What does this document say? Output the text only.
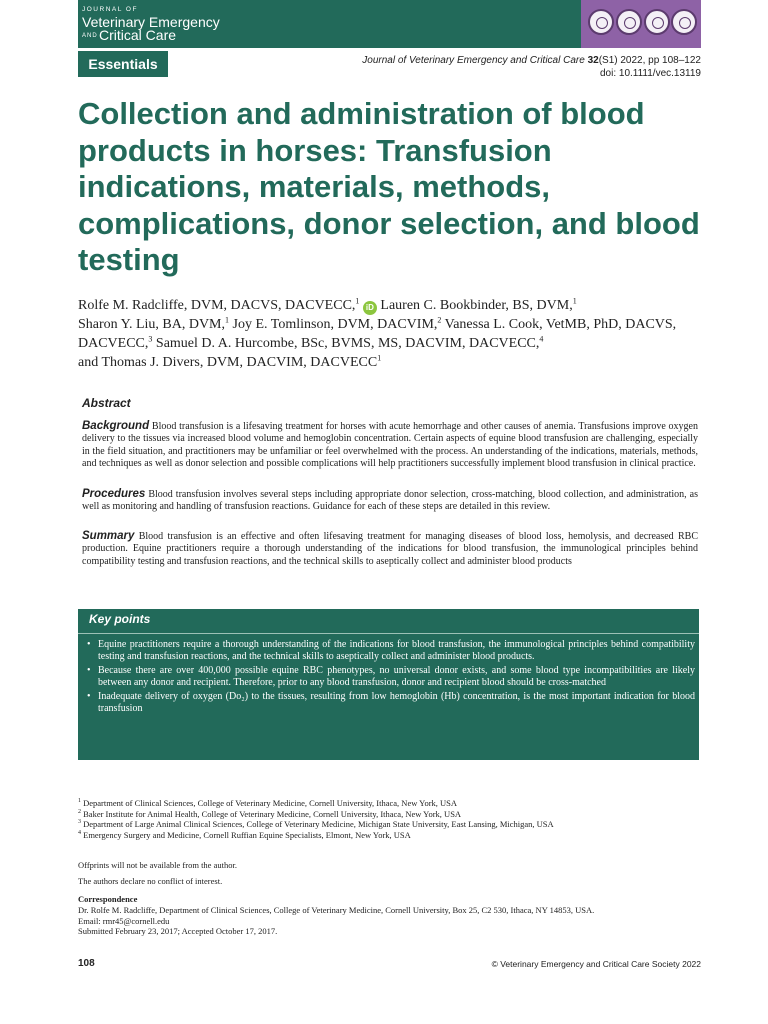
JOURNAL OF
Veterinary Emergency
AND Critical Care
Essentials	Journal of Veterinary Emergency and Critical Care 32(S1) 2022, pp 108–122
doi: 10.1111/vec.13119
Collection and administration of blood products in horses: Transfusion indications, materials, methods, complications, donor selection, and blood testing
Rolfe M. Radcliffe, DVM, DACVS, DACVECC,$^1$ iD Lauren C. Bookbinder, BS, DVM,$^1$
Sharon Y. Liu, BA, DVM,$^1$ Joy E. Tomlinson, DVM, DACVIM,$^2$ Vanessa L. Cook, VetMB, PhD, DACVS, DACVECC,$^3$ Samuel D. A. Hurcombe, BSc, BVMS, MS, DACVIM, DACVECC,$^4$
and Thomas J. Divers, DVM, DACVIM, DACVECC$^1$
Abstract

Background Blood transfusion is a lifesaving treatment for horses with acute hemorrhage and other causes of anemia. Transfusions improve oxygen delivery to the tissues via increased blood volume and hemoglobin concentration. Certain aspects of equine blood transfusion are challenging, especially in the field situation, and practitioners may be unfamiliar or feel overwhelmed with the process. An understanding of the indications, materials, methods, and techniques as well as donor selection and possible complications will help practitioners successfully implement blood transfusion in clinical practice.

Procedures Blood transfusion involves several steps including appropriate donor selection, cross-matching, blood collection, and administration, as well as monitoring and handling of transfusion reactions. Guidance for each of these steps are detailed in this review.

Summary Blood transfusion is an effective and often lifesaving treatment for managing diseases of blood loss, hemolysis, and decreased RBC production. Equine practitioners require a thorough understanding of the indications for blood transfusion, the immunological principles behind compatibility testing and transfusion reactions, and the technical skills to aseptically collect and administer blood products

Key points
• Equine practitioners require a thorough understanding of the indications for blood transfusion, the immunological principles behind compatibility testing and transfusion reactions, and the technical skills to aseptically collect and administer blood products.
• Because there are over 400,000 possible equine RBC phenotypes, no universal donor exists, and some blood type incompatibilities are likely between any donor and recipient. Therefore, prior to any blood transfusion, donor and recipient blood should be cross-matched
• Inadequate delivery of oxygen (Do₂) to the tissues, resulting from low hemoglobin (Hb) concentration, is the most important indication for blood transfusion
$^1$ Department of Clinical Sciences, College of Veterinary Medicine, Cornell University, Ithaca, New York, USA
$^2$ Baker Institute for Animal Health, College of Veterinary Medicine, Cornell University, Ithaca, New York, USA
$^3$ Department of Large Animal Clinical Sciences, College of Veterinary Medicine, Michigan State University, East Lansing, Michigan, USA
$^4$ Emergency Surgery and Medicine, Cornell Ruffian Equine Specialists, Elmont, New York, USA
Offprints will not be available from the author.
The authors declare no conflict of interest.
Correspondence
Dr. Rolfe M. Radcliffe, Department of Clinical Sciences, College of Veterinary Medicine, Cornell University, Box 25, C2 530, Ithaca, NY 14853, USA.
Email: rmr45@cornell.edu
Submitted February 23, 2017; Accepted October 17, 2017.
108	© Veterinary Emergency and Critical Care Society 2022
